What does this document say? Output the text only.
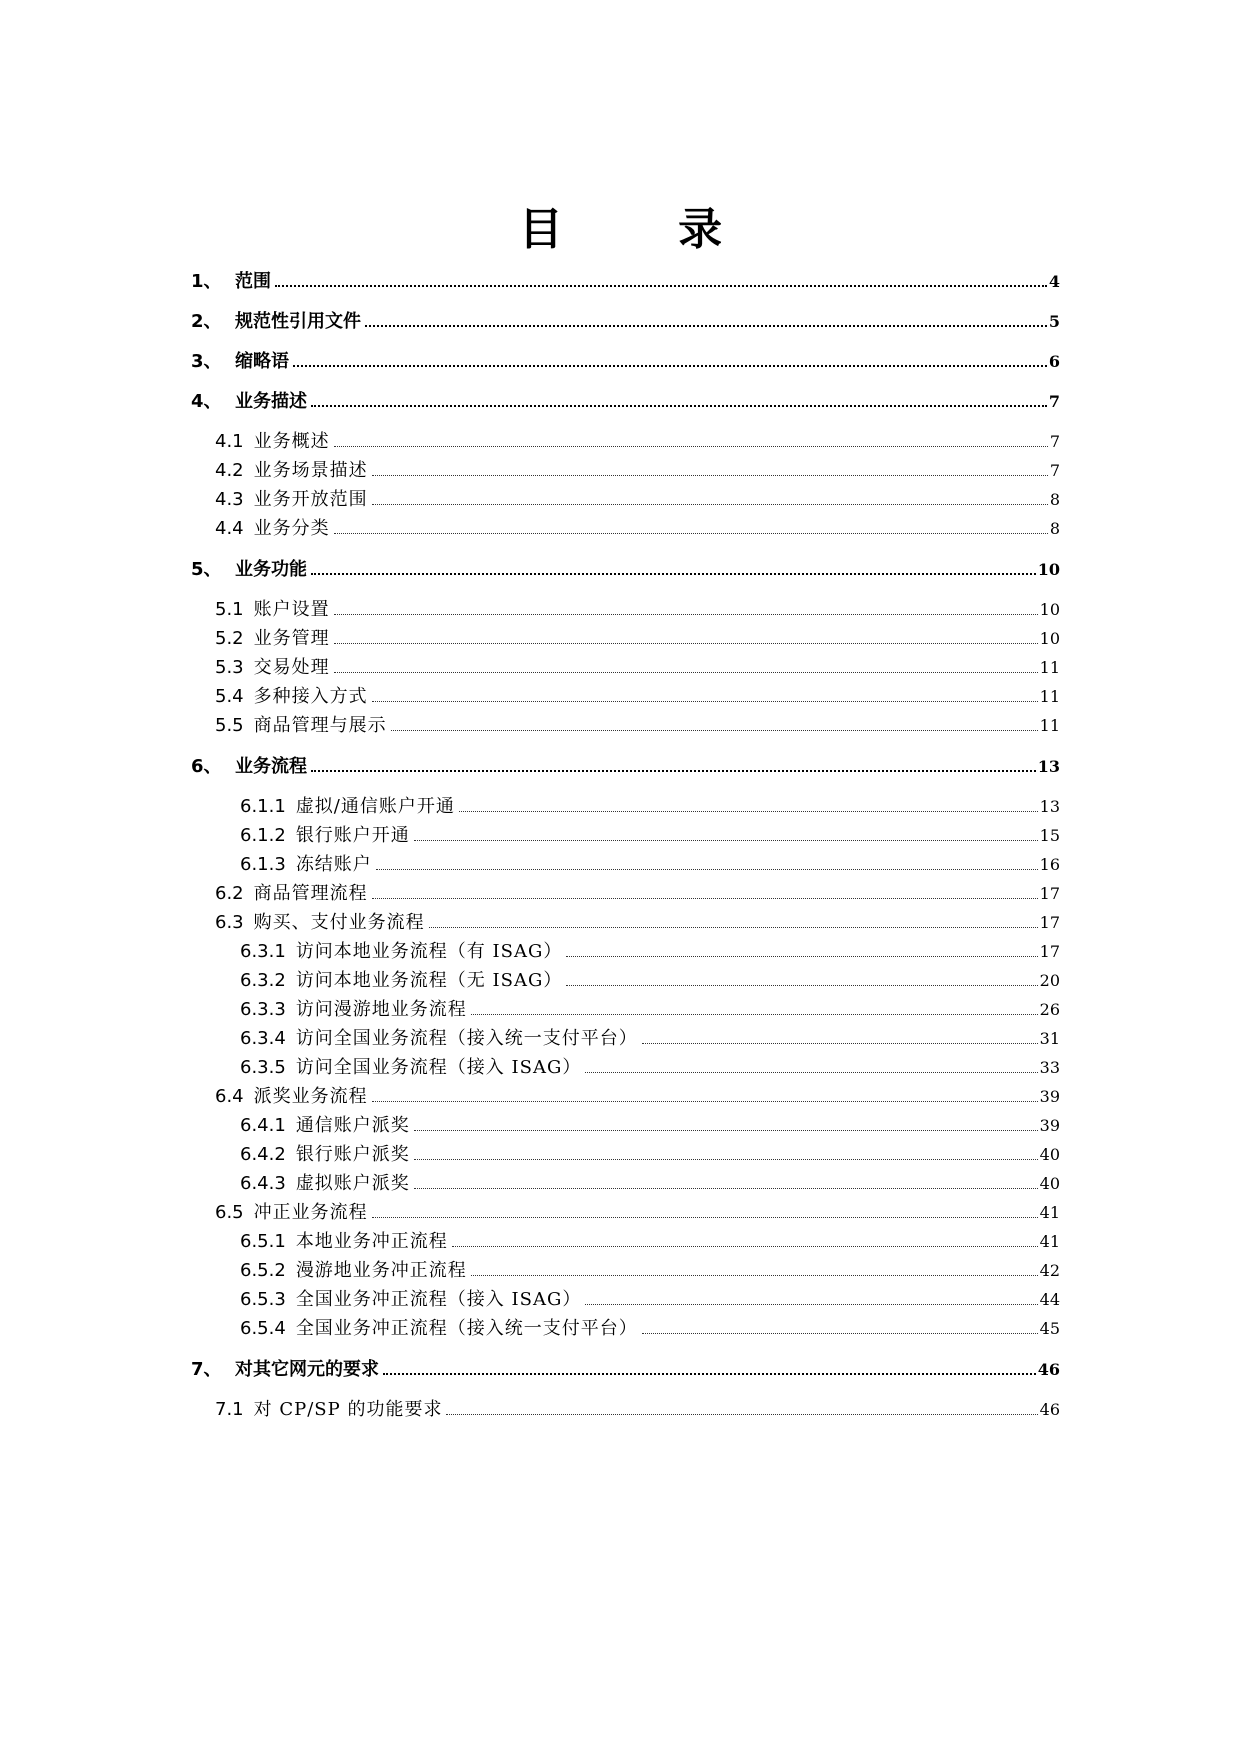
目 录
1、 范围	4
2、 规范性引用文件	5
3、 缩略语	6
4、 业务描述	7
4.1 业务概述	7
4.2 业务场景描述	7
4.3 业务开放范围	8
4.4 业务分类	8
5、 业务功能	10
5.1 账户设置	10
5.2 业务管理	10
5.3 交易处理	11
5.4 多种接入方式	11
5.5 商品管理与展示	11
6、 业务流程	13
6.1.1 虚拟/通信账户开通	13
6.1.2 银行账户开通	15
6.1.3 冻结账户	16
6.2 商品管理流程	17
6.3 购买、支付业务流程	17
6.3.1 访问本地业务流程（有 ISAG）	17
6.3.2 访问本地业务流程（无 ISAG）	20
6.3.3 访问漫游地业务流程	26
6.3.4 访问全国业务流程（接入统一支付平台）	31
6.3.5 访问全国业务流程（接入 ISAG）	33
6.4 派奖业务流程	39
6.4.1 通信账户派奖	39
6.4.2 银行账户派奖	40
6.4.3 虚拟账户派奖	40
6.5 冲正业务流程	41
6.5.1 本地业务冲正流程	41
6.5.2 漫游地业务冲正流程	42
6.5.3 全国业务冲正流程（接入 ISAG）	44
6.5.4 全国业务冲正流程（接入统一支付平台）	45
7、 对其它网元的要求	46
7.1 对 CP/SP 的功能要求	46
